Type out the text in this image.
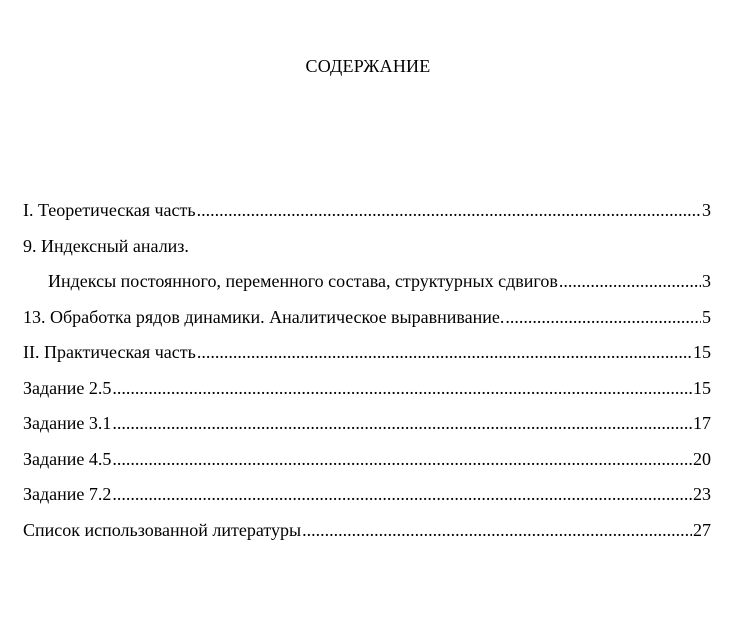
СОДЕРЖАНИЕ
I. Теоретическая часть .....	3
9. Индексный анализ.
Индексы постоянного, переменного состава, структурных сдвигов .....	3
13. Обработка рядов динамики. Аналитическое выравнивание. .....	5
II. Практическая часть .....	15
Задание 2.5 .....	15
Задание 3.1 .....	17
Задание 4.5 .....	20
Задание 7.2 .....	23
Список использованной литературы .....	27
